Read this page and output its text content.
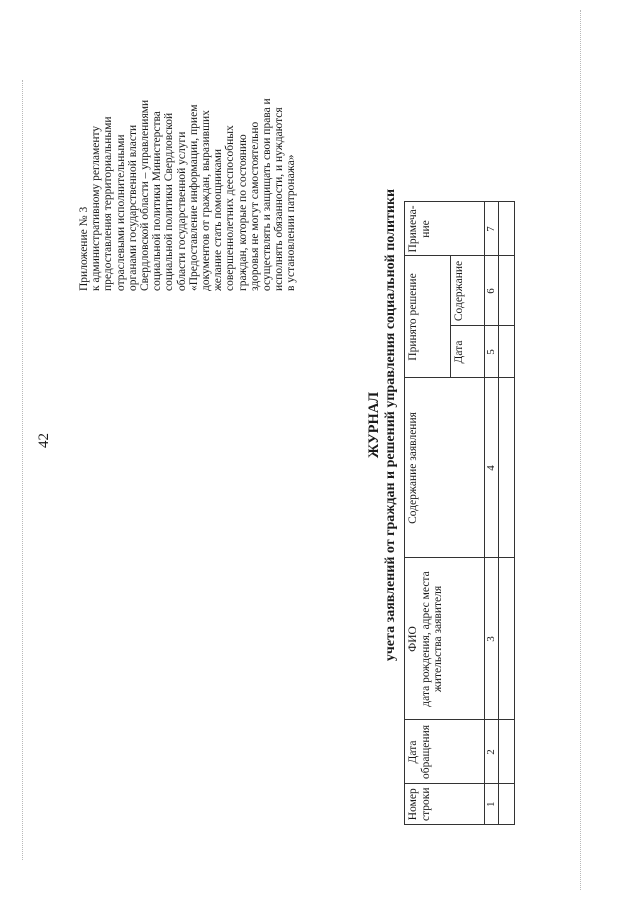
42
Приложение № 3 к административному регламенту предоставления территориальными отраслевыми исполнительными органами государственной власти Свердловской области – управлениями социальной политики Министерства социальной политики Свердловской области государственной услуги «Предоставление информации, прием документов от граждан, выразивших желание стать помощниками совершеннолетних дееспособных граждан, которые по состоянию здоровья не могут самостоятельно осуществлять и защищать свои права и исполнять обязанности, и нуждаются в установлении патронажа»
ЖУРНАЛ учета заявлений от граждан и решений управления социальной политики
Номер строки	Дата обращения	ФИО дата рождения, адрес места жительства заявителя	Содержание заявления	Принято решение		Примеча-ние
				Дата	Содержание	
1	2	3	4	5	6	7
